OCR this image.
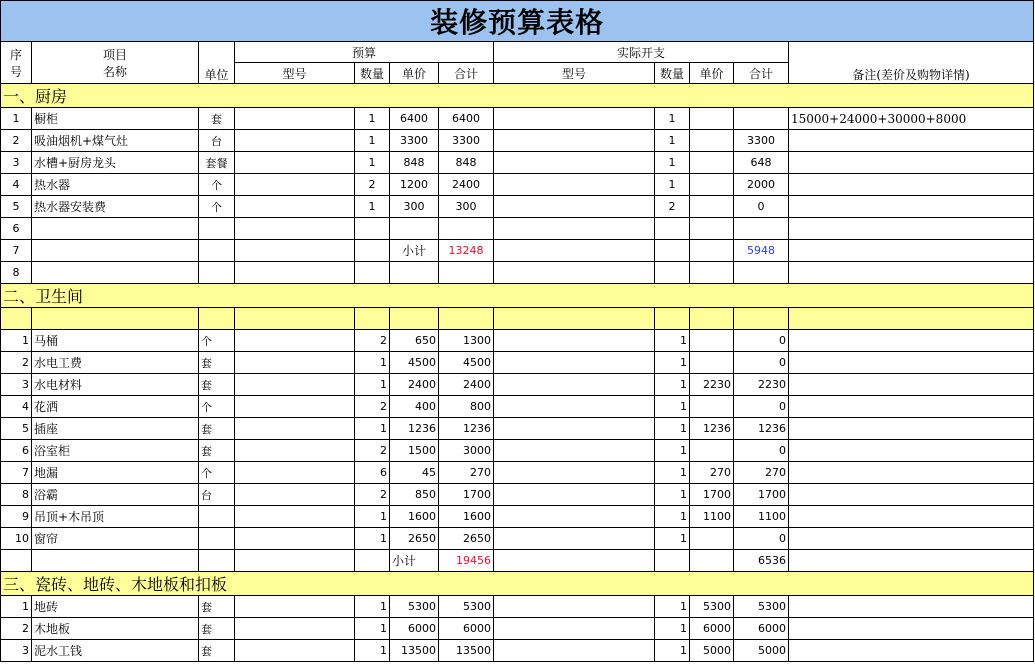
装修预算表格											
序
号	项目
名称	单位	预算				实际开支				备注(差价及购物详情)
			型号	数量	单价	合计	型号	数量	单价	合计	
一、厨房											
1	橱柜	套		1	6400	6400		1			15000+24000+30000+8000
2	吸油烟机+煤气灶	台		1	3300	3300		1		3300	
3	水槽+厨房龙头	套餐		1	848	848		1		648	
4	热水器	个		2	1200	2400		1		2000	
5	热水器安装费	个		1	300	300		2		0	
6											
7					小计	13248				5948	
8											
二、卫生间											

1	马桶	个		2	650	1300		1		0	
2	水电工费	套		1	4500	4500		1		0	
3	水电材料	套		1	2400	2400		1	2230	2230	
4	花洒	个		2	400	800		1		0	
5	插座	套		1	1236	1236		1	1236	1236	
6	浴室柜	套		2	1500	3000		1		0	
7	地漏	个		6	45	270		1	270	270	
8	浴霸	台		2	850	1700		1	1700	1700	
9	吊顶+木吊顶			1	1600	1600		1	1100	1100	
10	窗帘			1	2650	2650		1		0	
					小计	19456				6536	
三、瓷砖、地砖、木地板和扣板											
1	地砖	套		1	5300	5300		1	5300	5300	
2	木地板	套		1	6000	6000		1	6000	6000	
3	泥水工钱	套		1	13500	13500		1	5000	5000	
